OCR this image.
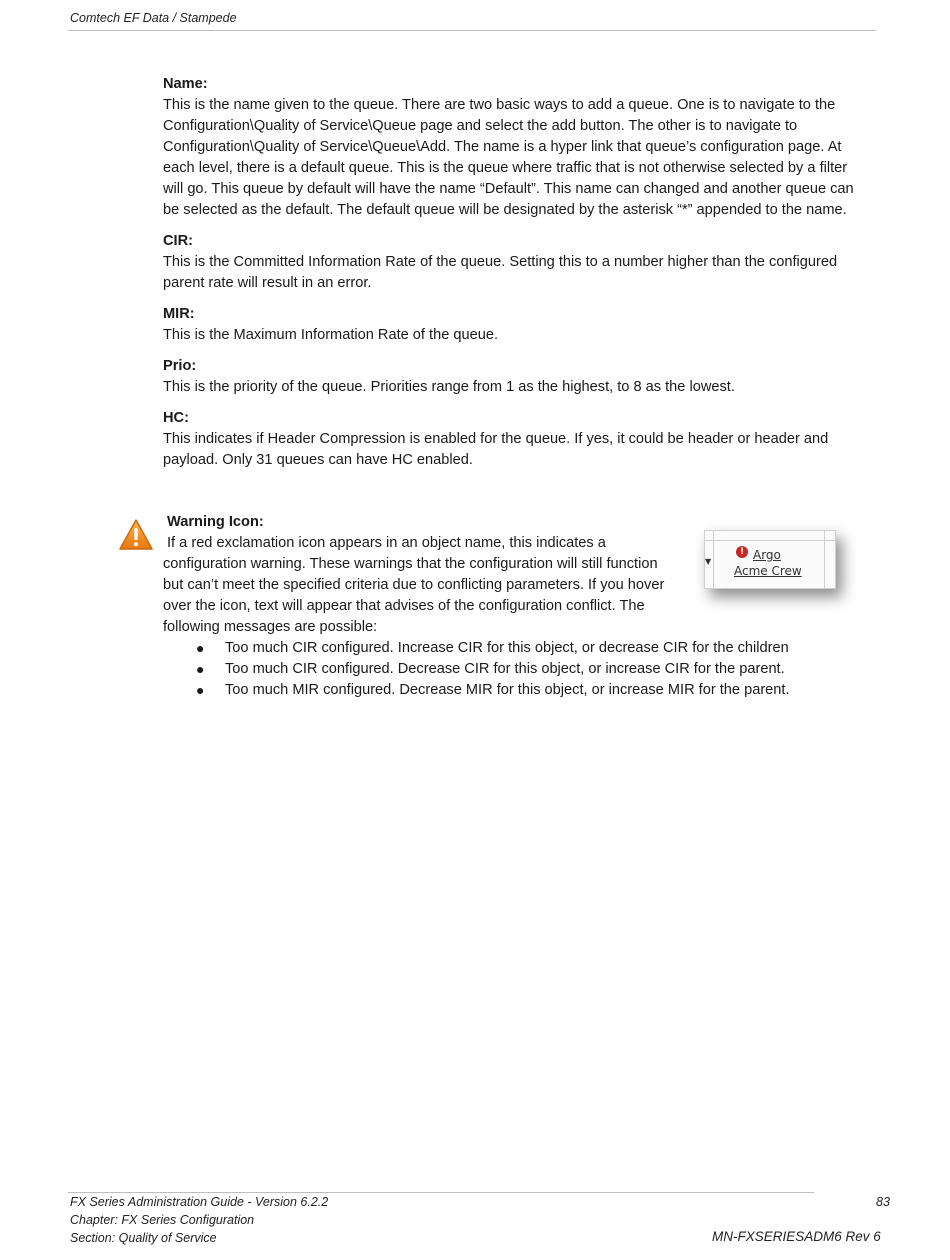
Comtech EF Data / Stampede
Name:
This is the name given to the queue. There are two basic ways to add a queue. One is to navigate to the Configuration\Quality of Service\Queue page and select the add button. The other is to navigate to Configuration\Quality of Service\Queue\Add. The name is a hyper link that queue’s configuration page. At each level, there is a default queue. This is the queue where traffic that is not otherwise selected by a filter will go. This queue by default will have the name “Default”. This name can changed and another queue can be selected as the default. The default queue will be designated by the asterisk “*” appended to the name.
CIR:
This is the Committed Information Rate of the queue. Setting this to a number higher than the configured parent rate will result in an error.
MIR:
This is the Maximum Information Rate of the queue.
Prio:
This is the priority of the queue. Priorities range from 1 as the highest, to 8 as the lowest.
HC:
This indicates if Header Compression is enabled for the queue. If yes, it could be header or header and payload. Only 31 queues can have HC enabled.
Warning Icon:
If a red exclamation icon appears in an object name, this indicates a configuration warning. These warnings that the configuration will still function but can’t meet the specified criteria due to conflicting parameters. If you hover over the icon, text will appear that advises of the configuration conflict. The following messages are possible:
● Too much CIR configured. Increase CIR for this object, or decrease CIR for the children
● Too much CIR configured. Decrease CIR for this object, or increase CIR for the parent.
● Too much MIR configured. Decrease MIR for this object, or increase MIR for the parent.
▼
! Argo
Acme Crew
FX Series Administration Guide - Version 6.2.2
Chapter: FX Series Configuration
Section: Quality of Service
83
MN-FXSERIESADM6 Rev 6
